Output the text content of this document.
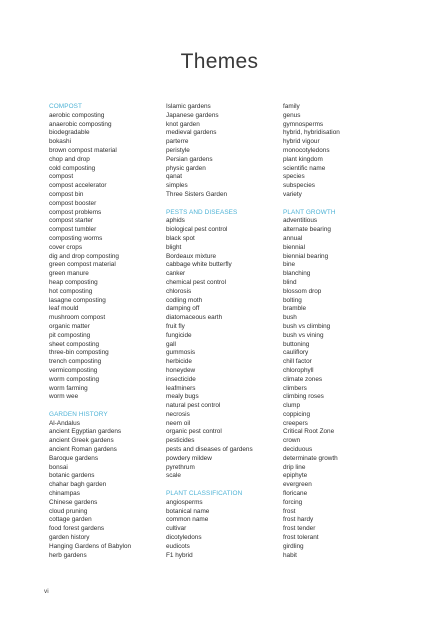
Themes
COMPOST
aerobic composting
anaerobic composting
biodegradable
bokashi
brown compost material
chop and drop
cold composting
compost
compost accelerator
compost bin
compost booster
compost problems
compost starter
compost tumbler
composting worms
cover crops
dig and drop composting
green compost material
green manure
heap composting
hot composting
lasagne composting
leaf mould
mushroom compost
organic matter
pit composting
sheet composting
three-bin composting
trench composting
vermicomposting
worm composting
worm farming
worm wee
GARDEN HISTORY
Al-Andalus
ancient Egyptian gardens
ancient Greek gardens
ancient Roman gardens
Baroque gardens
bonsai
botanic gardens
chahar bagh garden
chinampas
Chinese gardens
cloud pruning
cottage garden
food forest gardens
garden history
Hanging Gardens of Babylon
herb gardens
Islamic gardens
Japanese gardens
knot garden
medieval gardens
parterre
peristyle
Persian gardens
physic garden
qanat
simples
Three Sisters Garden
PESTS AND DISEASES
aphids
biological pest control
black spot
blight
Bordeaux mixture
cabbage white butterfly
canker
chemical pest control
chlorosis
codling moth
damping off
diatomaceous earth
fruit fly
fungicide
gall
gummosis
herbicide
honeydew
insecticide
leafminers
mealy bugs
natural pest control
necrosis
neem oil
organic pest control
pesticides
pests and diseases of gardens
powdery mildew
pyrethrum
scale
PLANT CLASSIFICATION
angiosperms
botanical name
common name
cultivar
dicotyledons
eudicots
F1 hybrid
family
genus
gymnosperms
hybrid, hybridisation
hybrid vigour
monocotyledons
plant kingdom
scientific name
species
subspecies
variety
PLANT GROWTH
adventitious
alternate bearing
annual
biennial
biennial bearing
bine
blanching
blind
blossom drop
bolting
bramble
bush
bush vs climbing
bush vs vining
buttoning
cauliflory
chill factor
chlorophyll
climate zones
climbers
climbing roses
clump
coppicing
creepers
Critical Root Zone
crown
deciduous
determinate growth
drip line
epiphyte
evergreen
floricane
forcing
frost
frost hardy
frost tender
frost tolerant
girdling
habit
vi
